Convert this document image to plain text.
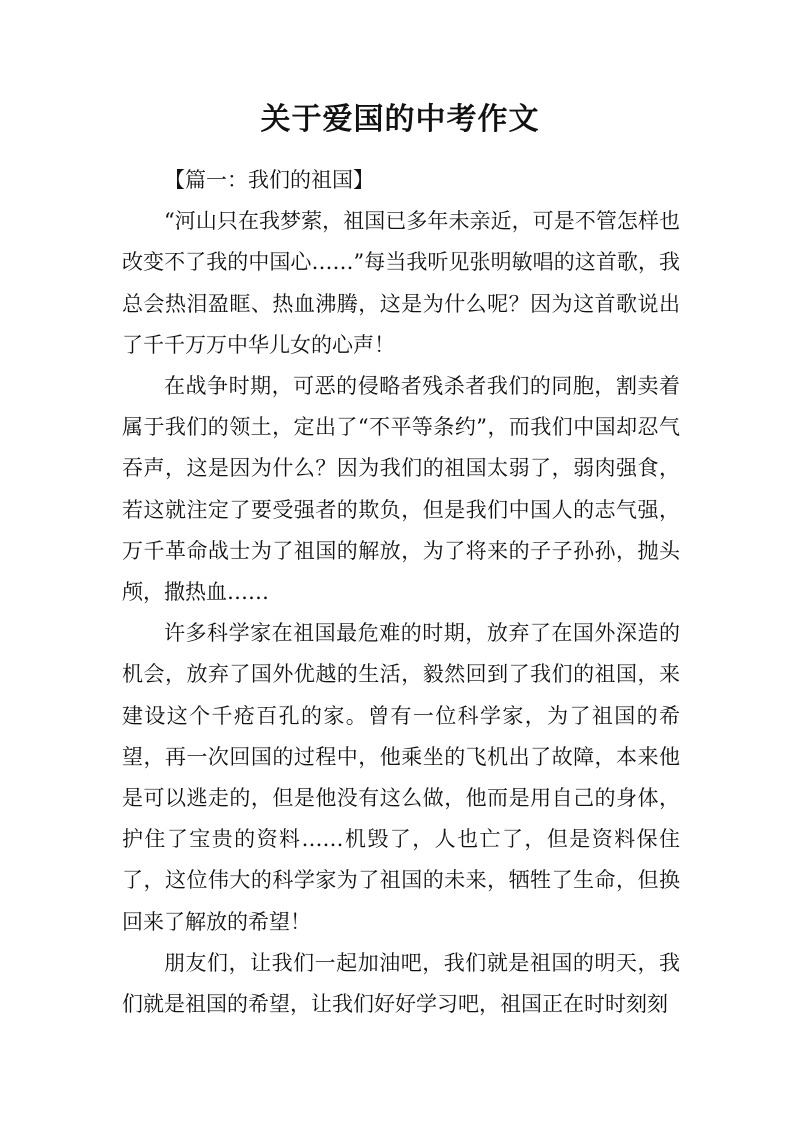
关于爱国的中考作文

【篇一：我们的祖国】

“河山只在我梦萦，祖国已多年未亲近，可是不管怎样也改变不了我的中国心……”每当我听见张明敏唱的这首歌，我总会热泪盈眶、热血沸腾，这是为什么呢？因为这首歌说出了千千万万中华儿女的心声！

在战争时期，可恶的侵略者残杀者我们的同胞，割卖着属于我们的领土，定出了“不平等条约”，而我们中国却忍气吞声，这是因为什么？因为我们的祖国太弱了，弱肉强食，若这就注定了要受强者的欺负，但是我们中国人的志气强，万千革命战士为了祖国的解放，为了将来的子子孙孙，抛头颅，撒热血……

许多科学家在祖国最危难的时期，放弃了在国外深造的机会，放弃了国外优越的生活，毅然回到了我们的祖国，来建设这个千疮百孔的家。曾有一位科学家，为了祖国的希望，再一次回国的过程中，他乘坐的飞机出了故障，本来他是可以逃走的，但是他没有这么做，他而是用自己的身体，护住了宝贵的资料……机毁了，人也亡了，但是资料保住了，这位伟大的科学家为了祖国的未来，牺牲了生命，但换回来了解放的希望！

朋友们，让我们一起加油吧，我们就是祖国的明天，我们就是祖国的希望，让我们好好学习吧，祖国正在时时刻刻
